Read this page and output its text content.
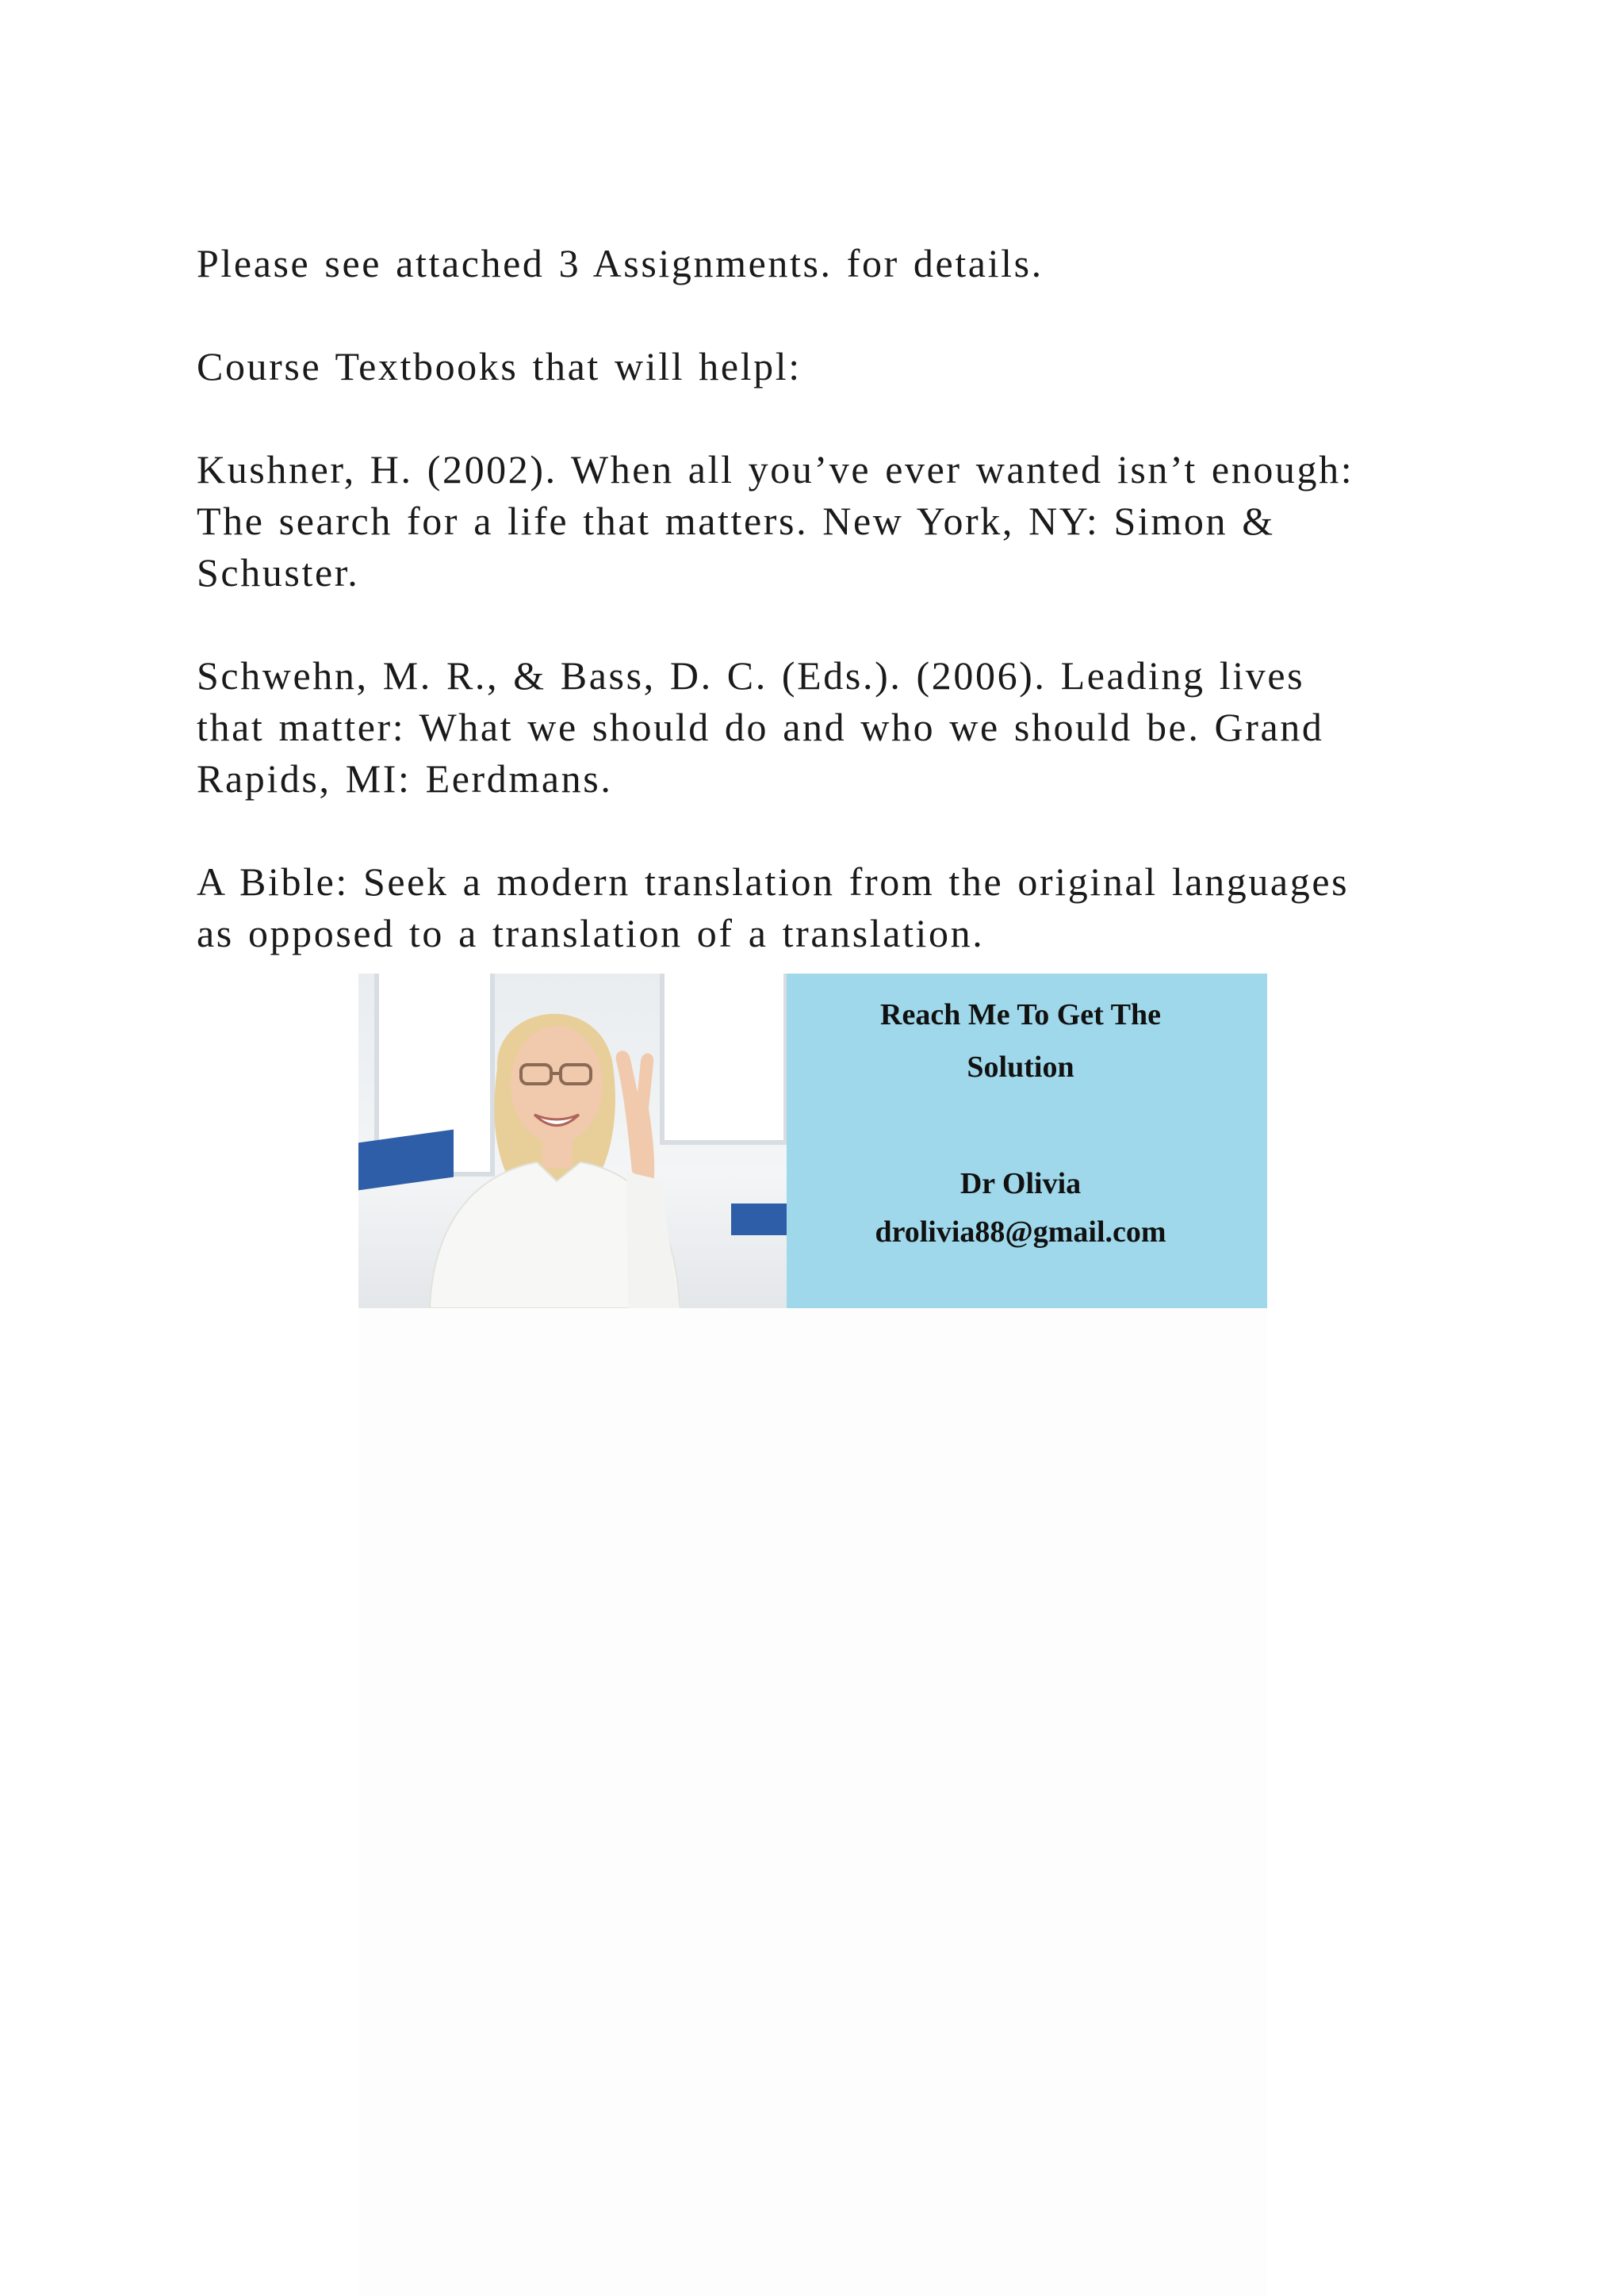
Please see attached 3 Assignments. for details.

Course Textbooks that will helpl:

Kushner, H. (2002). When all you’ve ever wanted isn’t enough:
The search for a life that matters. New York, NY: Simon &
Schuster.

Schwehn, M. R., & Bass, D. C. (Eds.). (2006). Leading lives
that matter: What we should do and who we should be. Grand
Rapids, MI: Eerdmans.

A Bible: Seek a modern translation from the original languages
as opposed to a translation of a translation.

Reach Me To Get The
Solution
Dr Olivia
drolivia88@gmail.com
